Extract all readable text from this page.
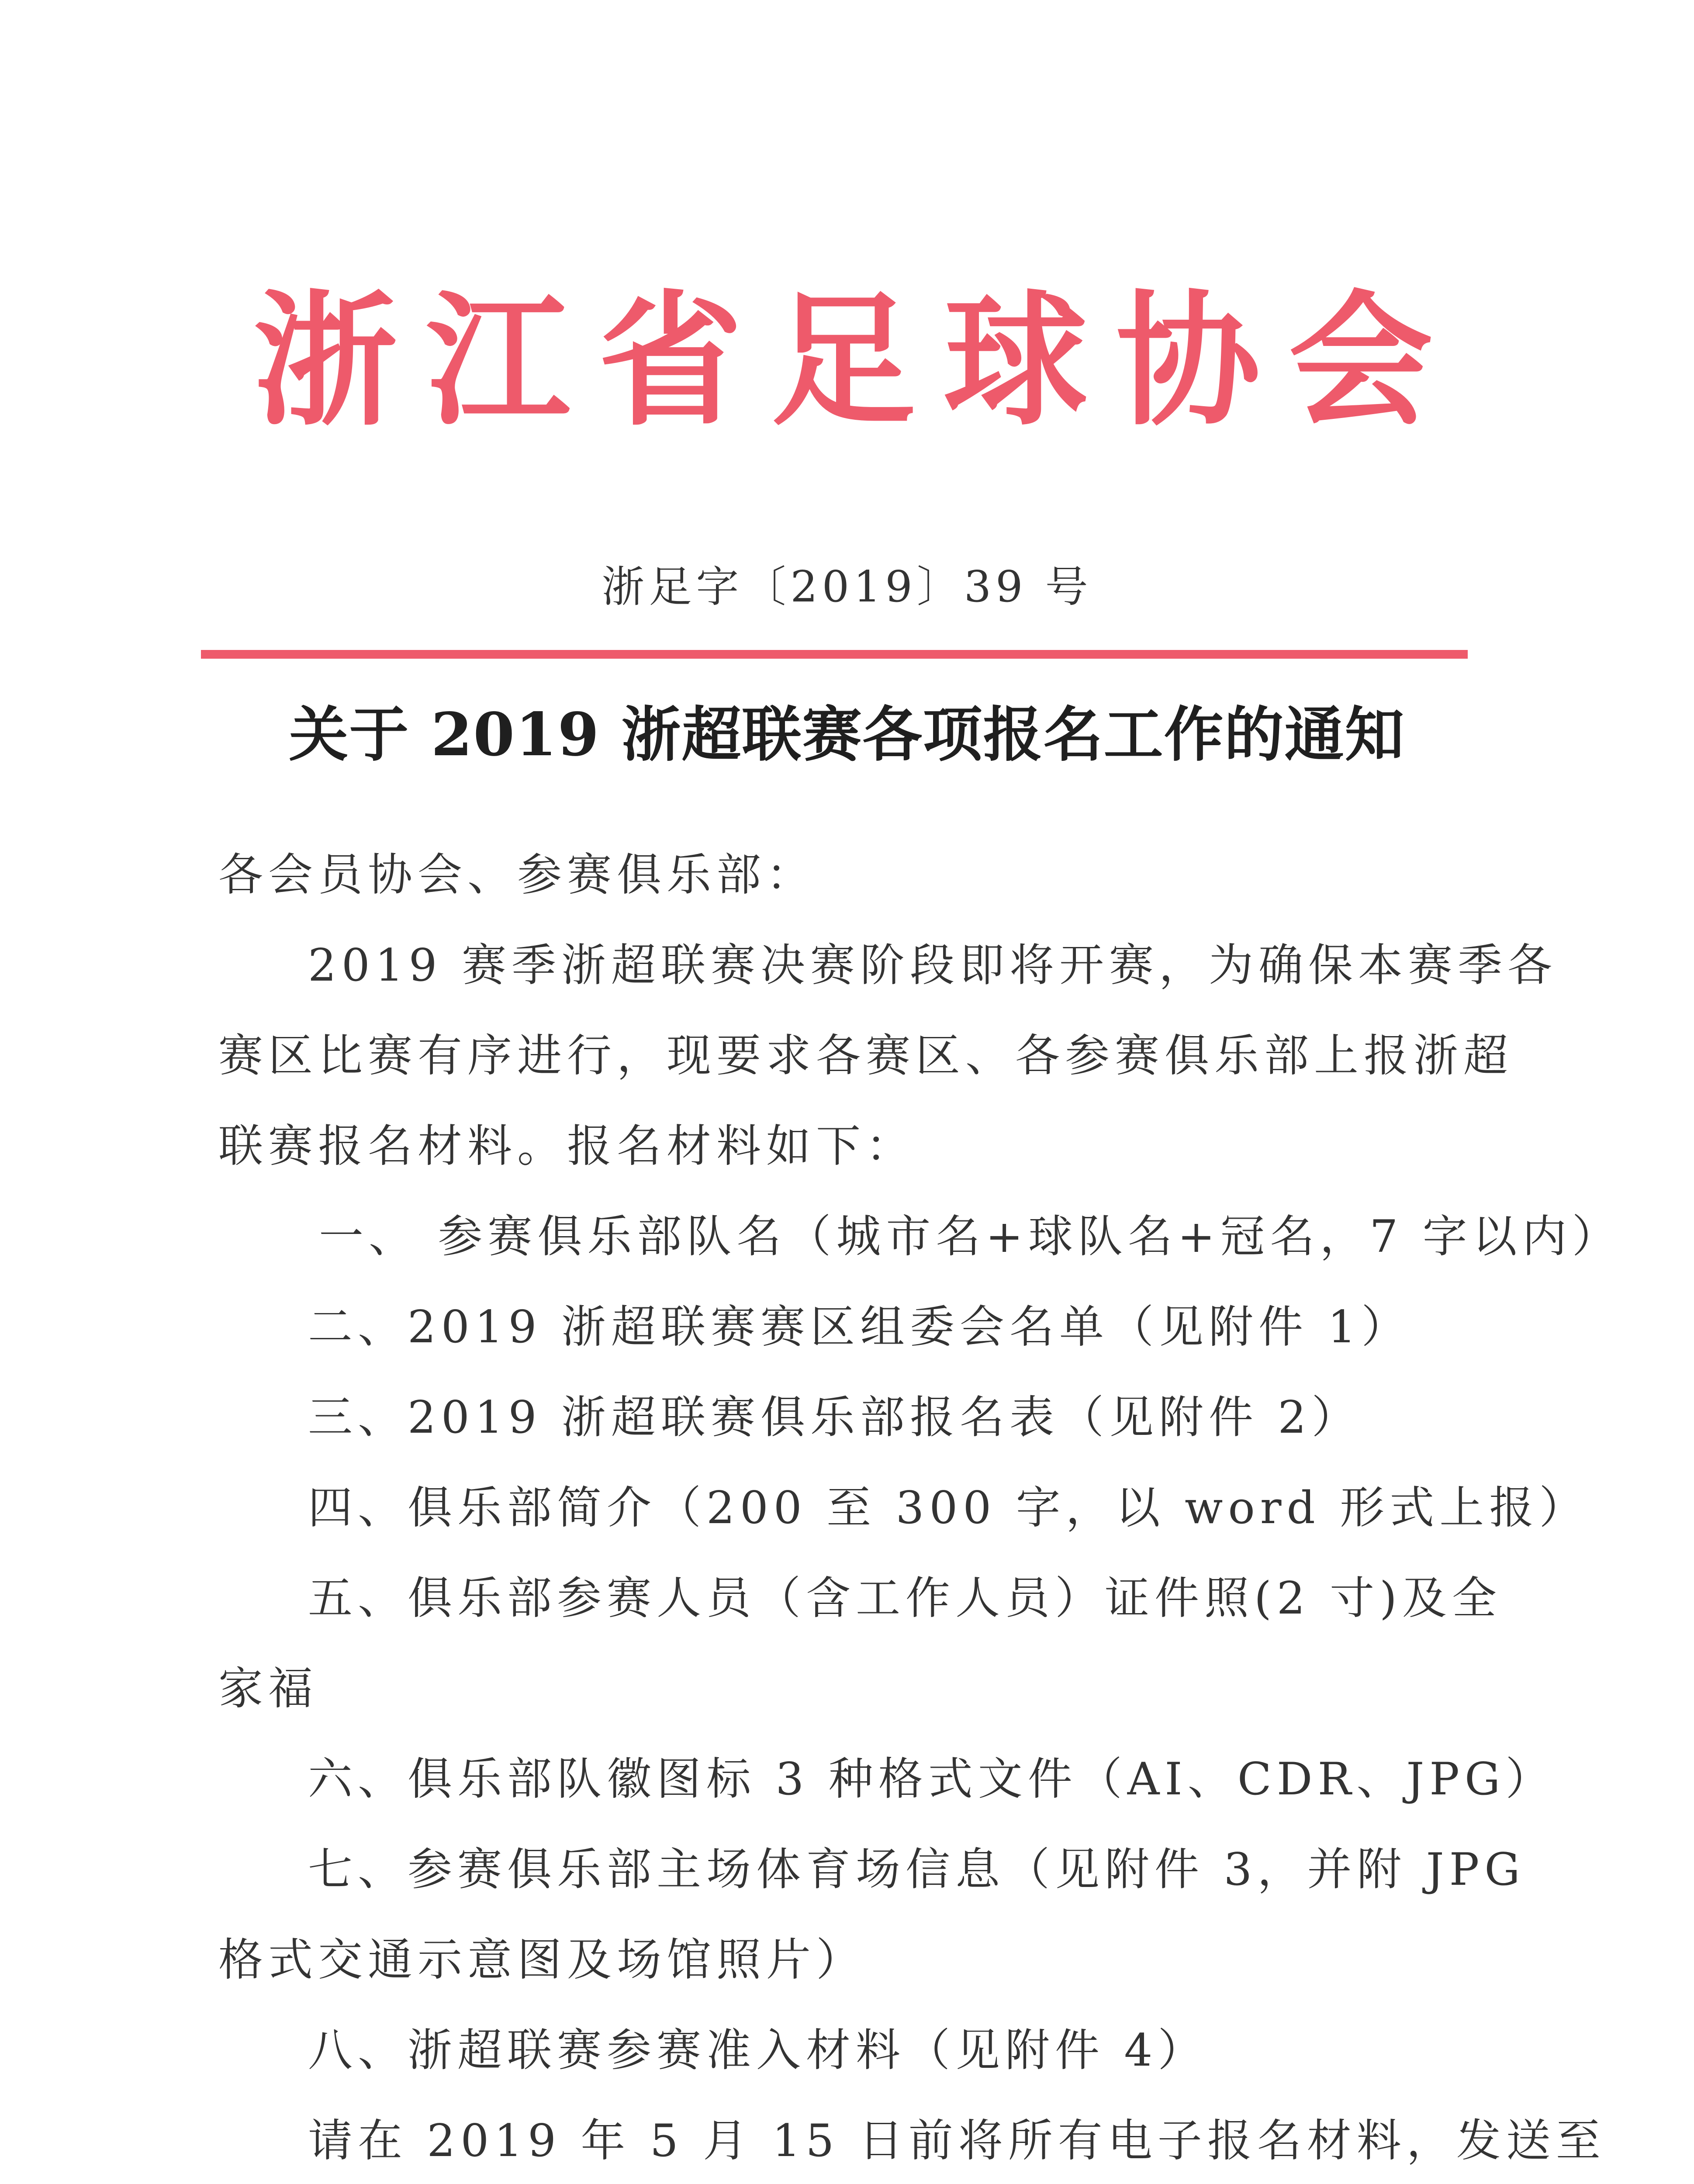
浙 江 省 足 球 协 会
浙足字〔2019〕39 号
关于 2019 浙超联赛各项报名工作的通知

各会员协会、参赛俱乐部：

2019 赛季浙超联赛决赛阶段即将开赛，为确保本赛季各

赛区比赛有序进行，现要求各赛区、各参赛俱乐部上报浙超

联赛报名材料。报名材料如下：

一、 参赛俱乐部队名（城市名+球队名+冠名，7 字以内）

二、2019 浙超联赛赛区组委会名单（见附件 1）

三、2019 浙超联赛俱乐部报名表（见附件 2）

四、俱乐部简介（200 至 300 字，以 word 形式上报）

五、俱乐部参赛人员（含工作人员）证件照(2 寸)及全

家福

六、俱乐部队徽图标 3 种格式文件（AI、CDR、JPG）

七、参赛俱乐部主场体育场信息（见附件 3，并附 JPG

格式交通示意图及场馆照片）

八、浙超联赛参赛准入材料（见附件 4）

请在 2019 年 5 月 15 日前将所有电子报名材料，发送至
